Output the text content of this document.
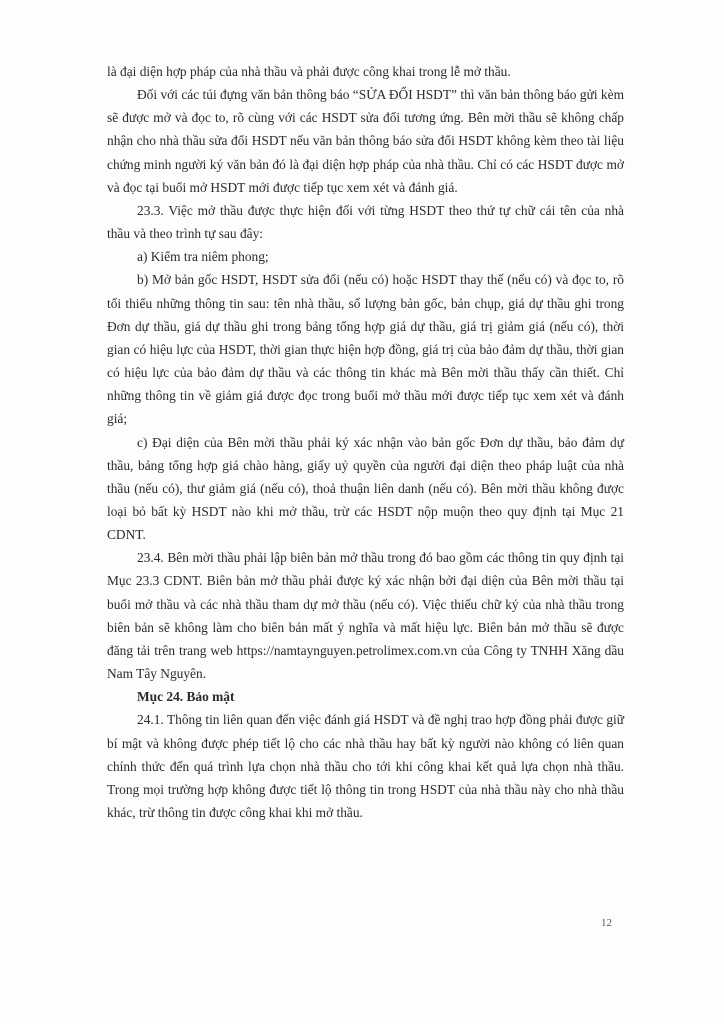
là đại diện hợp pháp của nhà thầu và phải được công khai trong lễ mở thầu.

Đối với các túi đựng văn bản thông báo “SỬA ĐỔI HSDT” thì văn bản thông báo gửi kèm sẽ được mở và đọc to, rõ cùng với các HSDT sửa đổi tương ứng. Bên mời thầu sẽ không chấp nhận cho nhà thầu sửa đổi HSDT nếu văn bản thông báo sửa đổi HSDT không kèm theo tài liệu chứng minh người ký văn bản đó là đại diện hợp pháp của nhà thầu. Chỉ có các HSDT được mở và đọc tại buổi mở HSDT mới được tiếp tục xem xét và đánh giá.

23.3. Việc mở thầu được thực hiện đối với từng HSDT theo thứ tự chữ cái tên của nhà thầu và theo trình tự sau đây:

a) Kiểm tra niêm phong;

b) Mở bản gốc HSDT, HSDT sửa đổi (nếu có) hoặc HSDT thay thế (nếu có) và đọc to, rõ tối thiểu những thông tin sau: tên nhà thầu, số lượng bản gốc, bản chụp, giá dự thầu ghi trong Đơn dự thầu, giá dự thầu ghi trong bảng tổng hợp giá dự thầu, giá trị giảm giá (nếu có), thời gian có hiệu lực của HSDT, thời gian thực hiện hợp đồng, giá trị của bảo đảm dự thầu, thời gian có hiệu lực của bảo đảm dự thầu và các thông tin khác mà Bên mời thầu thấy cần thiết. Chỉ những thông tin về giảm giá được đọc trong buổi mở thầu mới được tiếp tục xem xét và đánh giá;

c) Đại diện của Bên mời thầu phải ký xác nhận vào bản gốc Đơn dự thầu, bảo đảm dự thầu, bảng tổng hợp giá chào hàng, giấy uỷ quyền của người đại diện theo pháp luật của nhà thầu (nếu có), thư giảm giá (nếu có), thoả thuận liên danh (nếu có). Bên mời thầu không được loại bỏ bất kỳ HSDT nào khi mở thầu, trừ các HSDT nộp muộn theo quy định tại Mục 21 CDNT.

23.4. Bên mời thầu phải lập biên bản mở thầu trong đó bao gồm các thông tin quy định tại Mục 23.3 CDNT. Biên bản mở thầu phải được ký xác nhận bởi đại diện của Bên mời thầu tại buổi mở thầu và các nhà thầu tham dự mở thầu (nếu có). Việc thiếu chữ ký của nhà thầu trong biên bản sẽ không làm cho biên bản mất ý nghĩa và mất hiệu lực. Biên bản mở thầu sẽ được đăng tải trên trang web https://namtaynguyen.petrolimex.com.vn của Công ty TNHH Xăng dầu Nam Tây Nguyên.

Mục 24. Bảo mật

24.1. Thông tin liên quan đến việc đánh giá HSDT và đề nghị trao hợp đồng phải được giữ bí mật và không được phép tiết lộ cho các nhà thầu hay bất kỳ người nào không có liên quan chính thức đến quá trình lựa chọn nhà thầu cho tới khi công khai kết quả lựa chọn nhà thầu. Trong mọi trường hợp không được tiết lộ thông tin trong HSDT của nhà thầu này cho nhà thầu khác, trừ thông tin được công khai khi mở thầu.

12
